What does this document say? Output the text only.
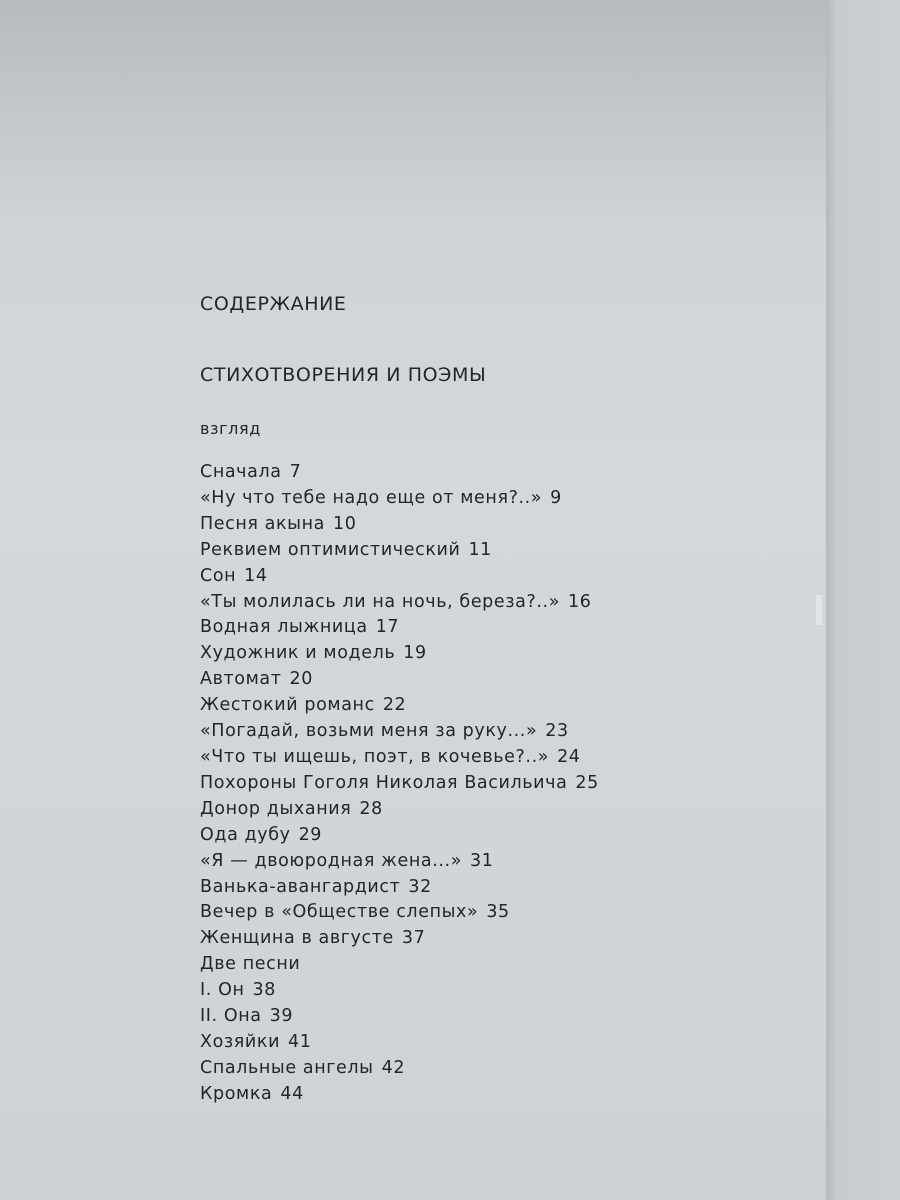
СОДЕРЖАНИЕ
СТИХОТВОРЕНИЯ И ПОЭМЫ
взгляд
Сначала 7
«Ну что тебе надо еще от меня?..» 9
Песня акына 10
Реквием оптимистический 11
Сон 14
«Ты молилась ли на ночь, береза?..» 16
Водная лыжница 17
Художник и модель 19
Автомат 20
Жестокий романс 22
«Погадай, возьми меня за руку...» 23
«Что ты ищешь, поэт, в кочевье?..» 24
Похороны Гоголя Николая Васильича 25
Донор дыхания 28
Ода дубу 29
«Я — двоюродная жена...» 31
Ванька-авангардист 32
Вечер в «Обществе слепых» 35
Женщина в августе 37
Две песни
I. Он 38
II. Она 39
Хозяйки 41
Спальные ангелы 42
Кромка 44
